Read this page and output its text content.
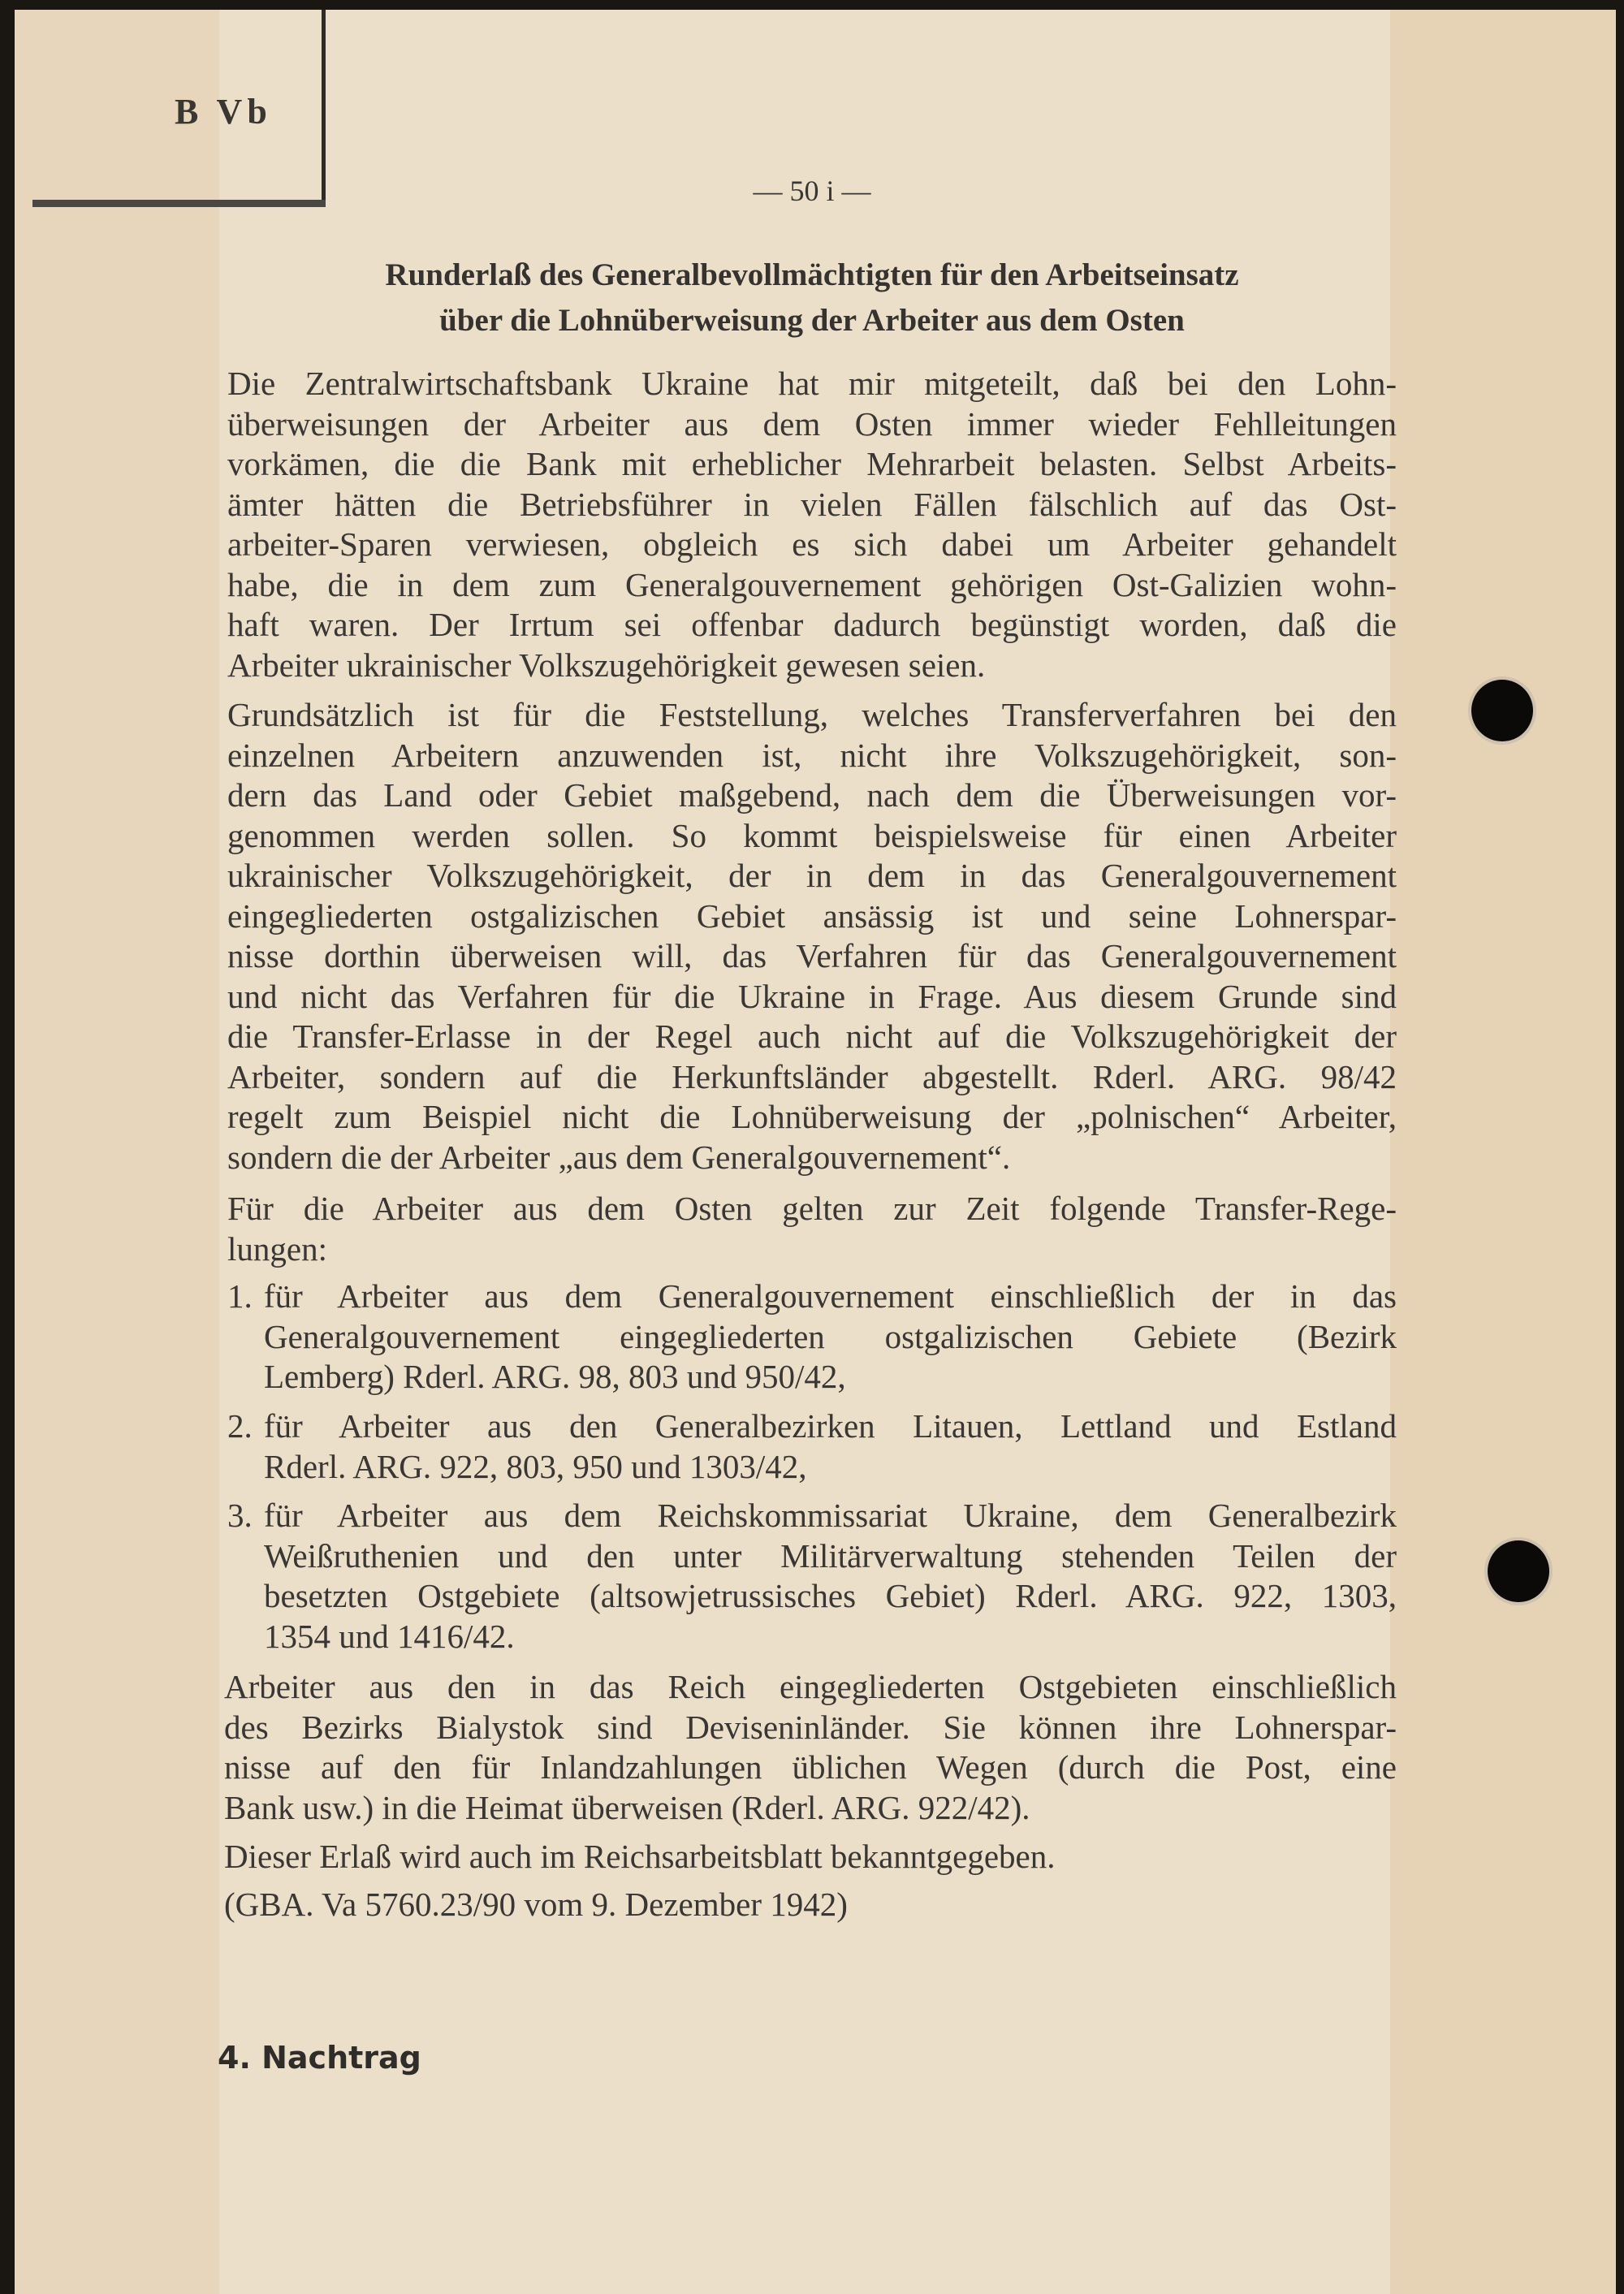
B Vb
— 50 i —
Runderlaß des Generalbevollmächtigten für den Arbeitseinsatz
über die Lohnüberweisung der Arbeiter aus dem Osten
Die Zentralwirtschaftsbank Ukraine hat mir mitgeteilt, daß bei den Lohn-
überweisungen der Arbeiter aus dem Osten immer wieder Fehlleitungen
vorkämen, die die Bank mit erheblicher Mehrarbeit belasten. Selbst Arbeits-
ämter hätten die Betriebsführer in vielen Fällen fälschlich auf das Ost-
arbeiter-Sparen verwiesen, obgleich es sich dabei um Arbeiter gehandelt
habe, die in dem zum Generalgouvernement gehörigen Ost-Galizien wohn-
haft waren. Der Irrtum sei offenbar dadurch begünstigt worden, daß die
Arbeiter ukrainischer Volkszugehörigkeit gewesen seien.
Grundsätzlich ist für die Feststellung, welches Transferverfahren bei den
einzelnen Arbeitern anzuwenden ist, nicht ihre Volkszugehörigkeit, son-
dern das Land oder Gebiet maßgebend, nach dem die Überweisungen vor-
genommen werden sollen. So kommt beispielsweise für einen Arbeiter
ukrainischer Volkszugehörigkeit, der in dem in das Generalgouvernement
eingegliederten ostgalizischen Gebiet ansässig ist und seine Lohnerspar-
nisse dorthin überweisen will, das Verfahren für das Generalgouvernement
und nicht das Verfahren für die Ukraine in Frage. Aus diesem Grunde sind
die Transfer-Erlasse in der Regel auch nicht auf die Volkszugehörigkeit der
Arbeiter, sondern auf die Herkunftsländer abgestellt. Rderl. ARG. 98/42
regelt zum Beispiel nicht die Lohnüberweisung der „polnischen“ Arbeiter,
sondern die der Arbeiter „aus dem Generalgouvernement“.
Für die Arbeiter aus dem Osten gelten zur Zeit folgende Transfer-Rege-
lungen:
1. für Arbeiter aus dem Generalgouvernement einschließlich der in das
Generalgouvernement eingegliederten ostgalizischen Gebiete (Bezirk
Lemberg) Rderl. ARG. 98, 803 und 950/42,
2. für Arbeiter aus den Generalbezirken Litauen, Lettland und Estland
Rderl. ARG. 922, 803, 950 und 1303/42,
3. für Arbeiter aus dem Reichskommissariat Ukraine, dem Generalbezirk
Weißruthenien und den unter Militärverwaltung stehenden Teilen der
besetzten Ostgebiete (altsowjetrussisches Gebiet) Rderl. ARG. 922, 1303,
1354 und 1416/42.
Arbeiter aus den in das Reich eingegliederten Ostgebieten einschließlich
des Bezirks Bialystok sind Deviseninländer. Sie können ihre Lohnerspar-
nisse auf den für Inlandzahlungen üblichen Wegen (durch die Post, eine
Bank usw.) in die Heimat überweisen (Rderl. ARG. 922/42).
Dieser Erlaß wird auch im Reichsarbeitsblatt bekanntgegeben.
(GBA. Va 5760.23/90 vom 9. Dezember 1942)
4. Nachtrag
